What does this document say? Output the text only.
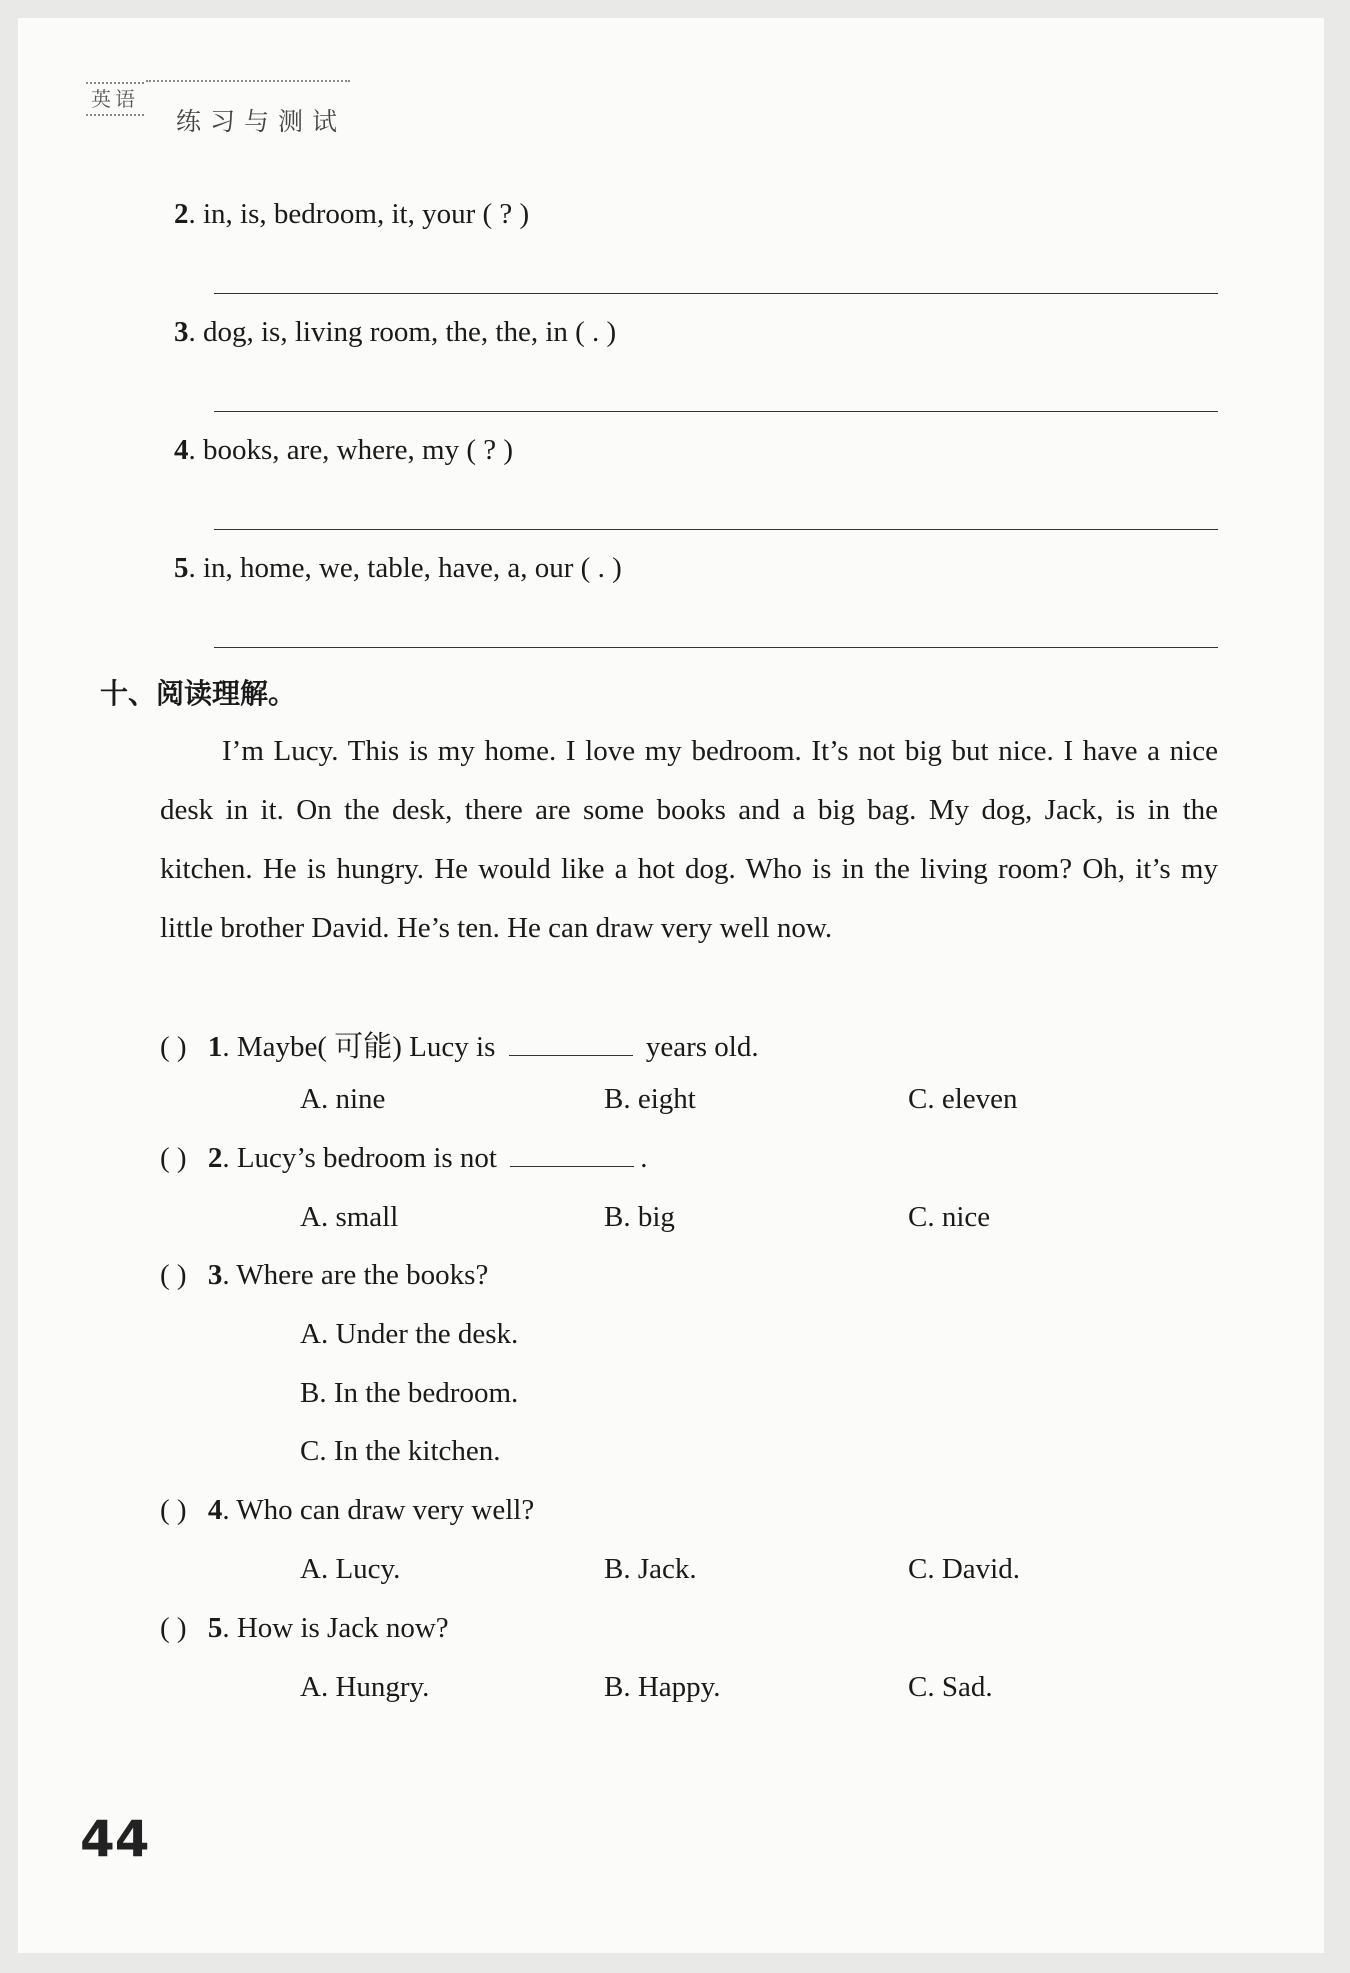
英语
练习与测试
2. in, is, bedroom, it, your ( ? )
3. dog, is, living room, the, the, in ( . )
4. books, are, where, my ( ? )
5. in, home, we, table, have, a, our ( . )
十、阅读理解。
I’m Lucy. This is my home. I love my bedroom. It’s not big but nice. I have a nice desk in it. On the desk, there are some books and a big bag. My dog, Jack, is in the kitchen. He is hungry. He would like a hot dog. Who is in the living room? Oh, it’s my little brother David. He’s ten. He can draw very well now.
( ) 1. Maybe( 可能) Lucy is	years old.
A. nine	B. eight	C. eleven
( ) 2. Lucy’s bedroom is not	.
A. small	B. big	C. nice
( ) 3. Where are the books?
A. Under the desk.
B. In the bedroom.
C. In the kitchen.
( ) 4. Who can draw very well?
A. Lucy.	B. Jack.	C. David.
( ) 5. How is Jack now?
A. Hungry.	B. Happy.	C. Sad.
44
